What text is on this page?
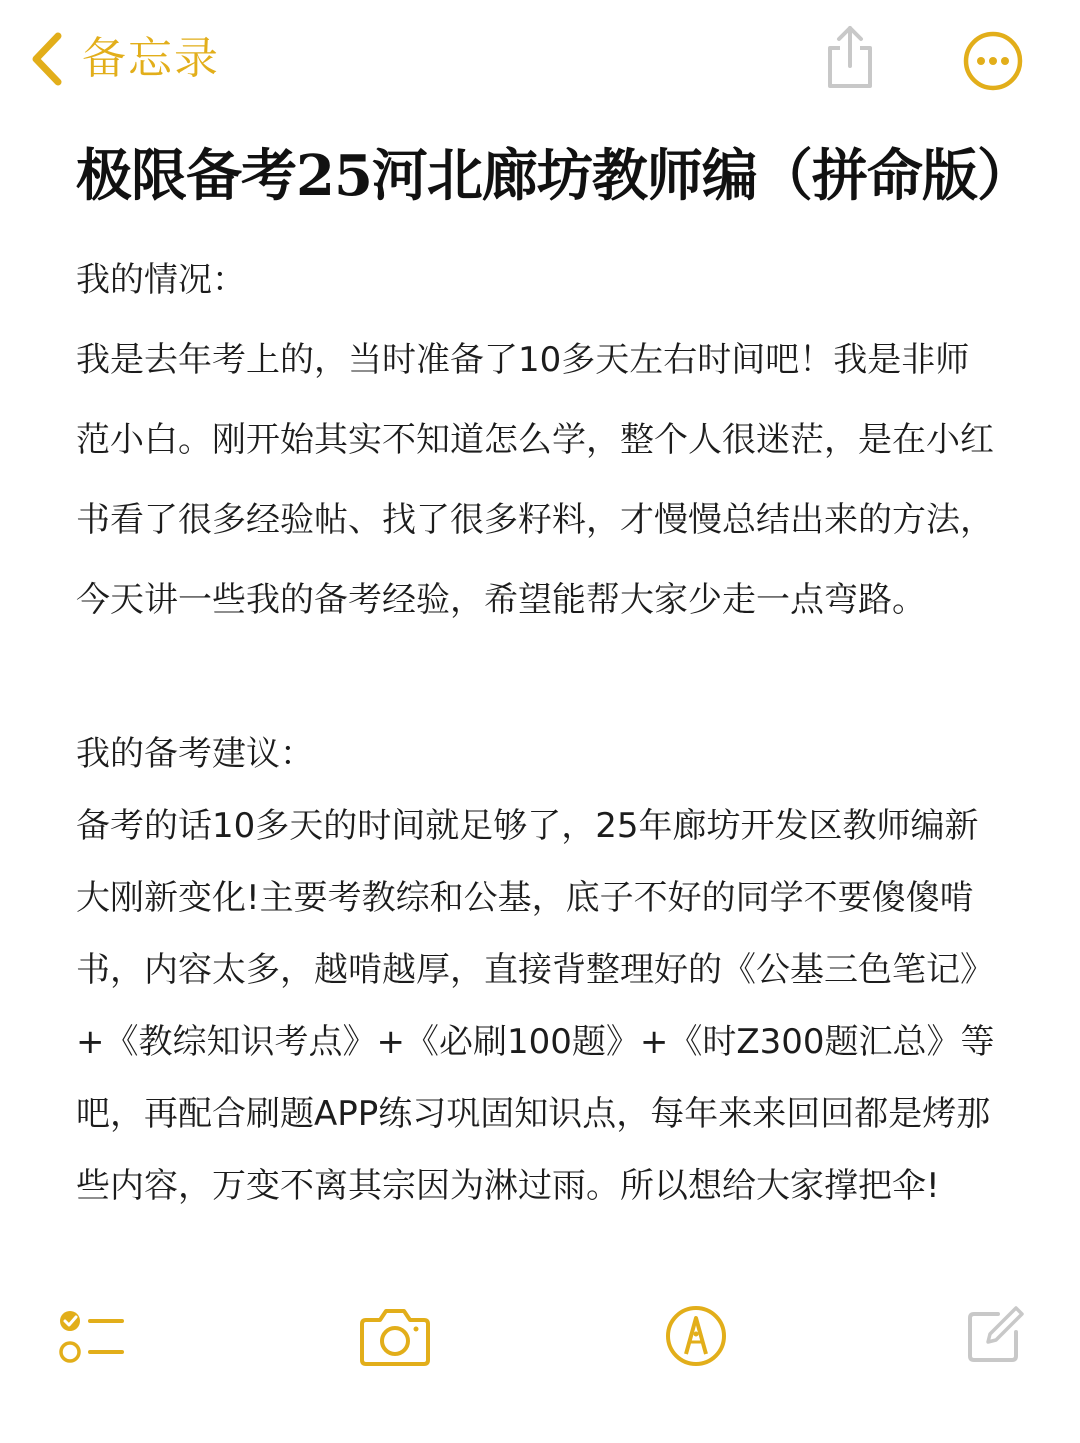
备忘录
极限备考25河北廊坊教师编（拼命版）

我的情况：

我是去年考上的，当时准备了10多天左右时间吧！我是非师范小白。刚开始其实不知道怎么学，整个人很迷茫，是在小红书看了很多经验帖、找了很多籽料，才慢慢总结出来的方法，今天讲一些我的备考经验，希望能帮大家少走一点弯路。

我的备考建议：

备考的话10多天的时间就足够了，25年廊坊开发区教师编新大刚新变化!主要考教综和公基，底子不好的同学不要傻傻啃书，内容太多，越啃越厚，直接背整理好的《公基三色笔记》+《教综知识考点》+《必刷100题》+《时Z300题汇总》等吧，再配合刷题APP练习巩固知识点，每年来来回回都是烤那些内容，万变不离其宗因为淋过雨。所以想给大家撑把伞!
